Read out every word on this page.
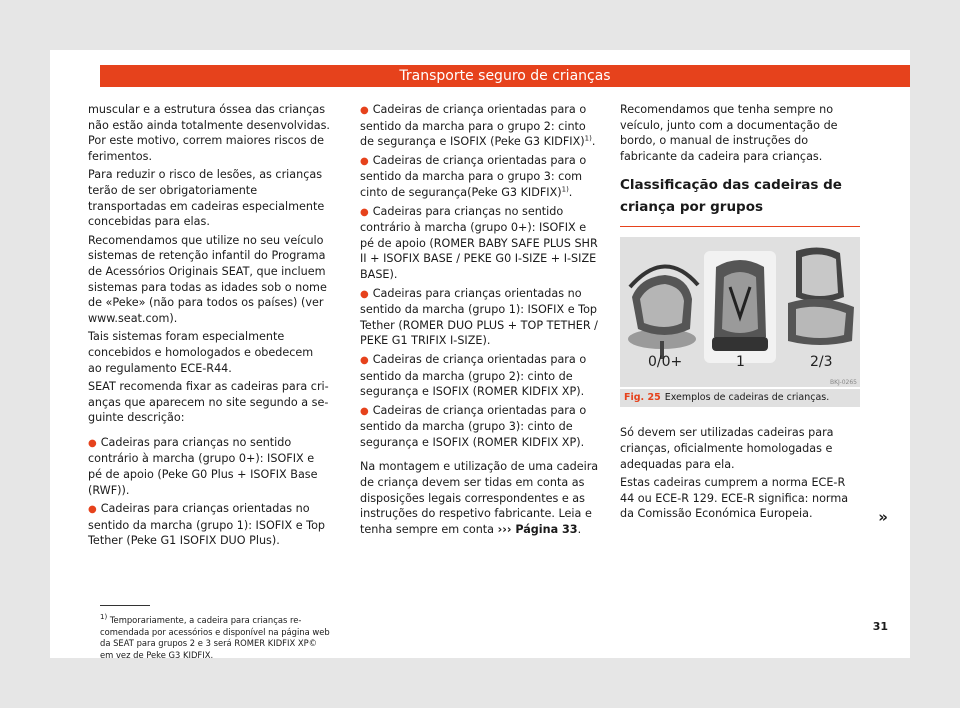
Transporte seguro de crianças

muscular e a estrutura óssea das crianças não estão ainda totalmente desenvolvidas. Por este motivo, correm maiores riscos de ferimentos.

Para reduzir o risco de lesões, as crianças terão de ser obrigatoriamente transportadas em cadeiras especialmente concebidas para elas.

Recomendamos que utilize no seu veículo sistemas de retenção infantil do Programa de Acessórios Originais SEAT, que incluem sistemas para todas as idades sob o nome de «Peke» (não para todos os países) (ver www.seat.com).

Tais sistemas foram especialmente concebidos e homologados e obedecem ao regulamento ECE-R44.

SEAT recomenda fixar as cadeiras para crianças que aparecem no site segundo a seguinte descrição:

● Cadeiras para crianças no sentido contrário à marcha (grupo 0+): ISOFIX e pé de apoio (Peke G0 Plus + ISOFIX Base (RWF)).

● Cadeiras para crianças orientadas no sentido da marcha (grupo 1): ISOFIX e Top Tether (Peke G1 ISOFIX DUO Plus).

$^{1)}$ Temporariamente, a cadeira para crianças recomendada por acessórios e disponível na página web da SEAT para grupos 2 e 3 será ROMER KIDFIX XP© em vez de Peke G3 KIDFIX.

● Cadeiras de criança orientadas para o sentido da marcha para o grupo 2: cinto de segurança e ISOFIX (Peke G3 KIDFIX)$^{1)}$.

● Cadeiras de criança orientadas para o sentido da marcha para o grupo 3: com cinto de segurança(Peke G3 KIDFIX)$^{1)}$.

● Cadeiras para crianças no sentido contrário à marcha (grupo 0+): ISOFIX e pé de apoio (ROMER BABY SAFE PLUS SHR II + ISOFIX BASE / PEKE G0 I-SIZE + I-SIZE BASE).

● Cadeiras para crianças orientadas no sentido da marcha (grupo 1): ISOFIX e Top Tether (ROMER DUO PLUS + TOP TETHER / PEKE G1 TRIFIX I-SIZE).

● Cadeiras de criança orientadas para o sentido da marcha (grupo 2): cinto de segurança e ISOFIX (ROMER KIDFIX XP).

● Cadeiras de criança orientadas para o sentido da marcha (grupo 3): cinto de segurança e ISOFIX (ROMER KIDFIX XP).

Na montagem e utilização de uma cadeira de criança devem ser tidas em conta as disposições legais correspondentes e as instruções do respetivo fabricante. Leia e tenha sempre em conta ››› Página 33.

Recomendamos que tenha sempre no veículo, junto com a documentação de bordo, o manual de instruções do fabricante da cadeira para crianças.

Classificação das cadeiras de criança por grupos
0/0+	1	2/3
BKJ-0265
Fig. 25 Exemplos de cadeiras de crianças.

Só devem ser utilizadas cadeiras para crianças, oficialmente homologadas e adequadas para ela.

Estas cadeiras cumprem a norma ECE-R 44 ou ECE-R 129. ECE-R significa: norma da Comissão Económica Europeia.	»
31
